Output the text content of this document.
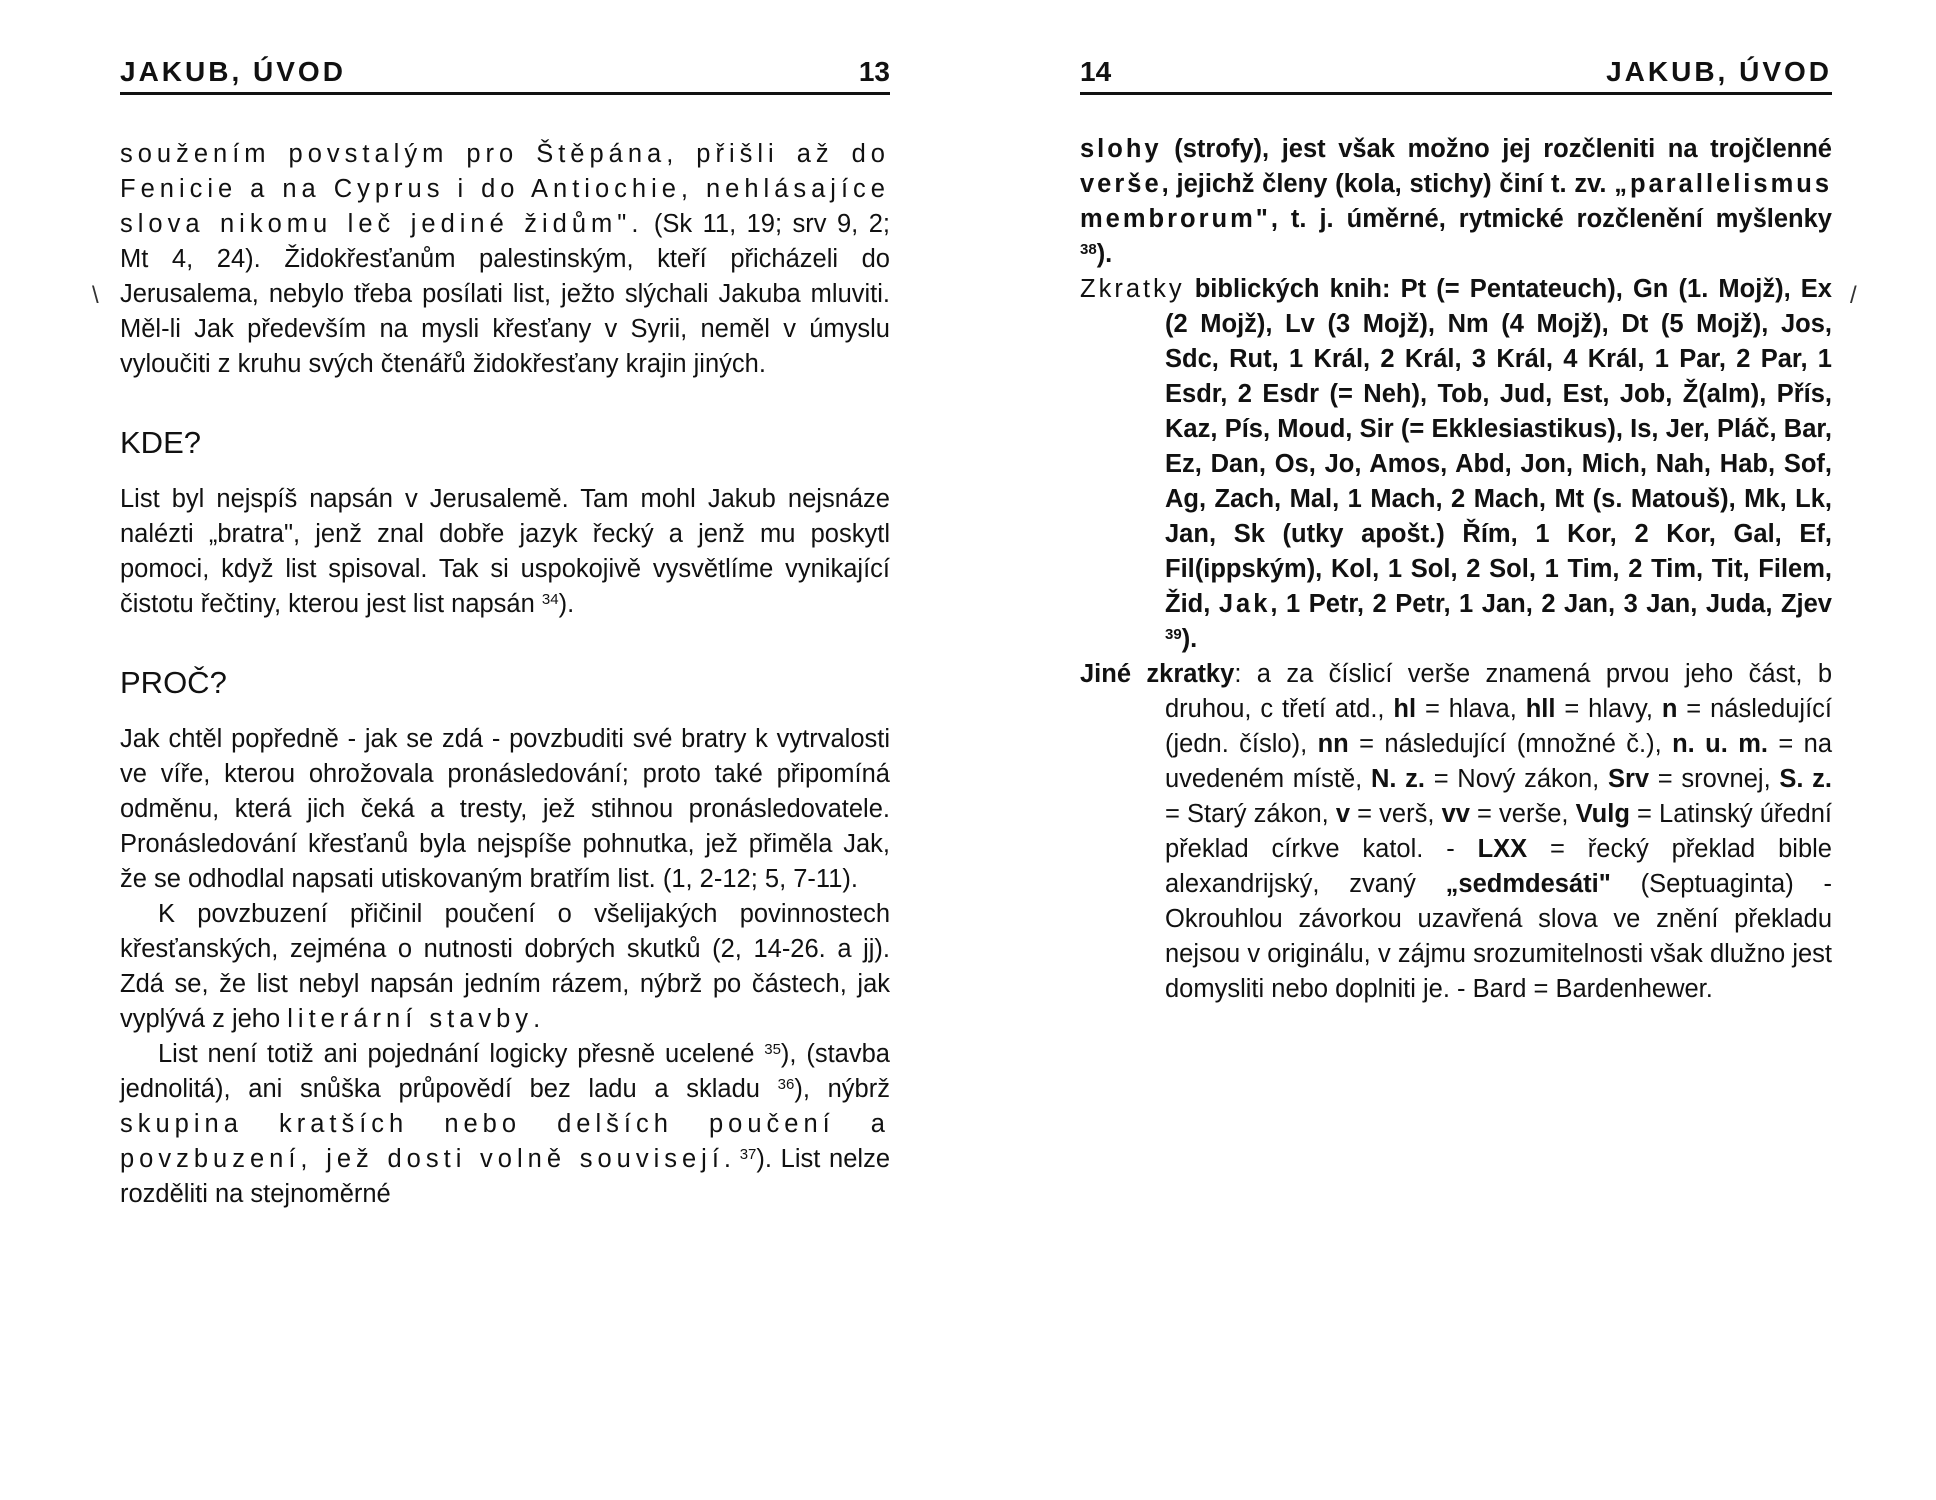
JAKUB, ÚVOD	13

soužením povstalým pro Štěpána, přišli až do Fenicie a na Cyprus i do Antiochie, nehlásajíce slova nikomu leč jediné židům". (Sk 11, 19; srv 9, 2; Mt 4, 24). Židokřesťanům palestinským, kteří přicházeli do Jerusalema, nebylo třeba posílati list, ježto slýchali Jakuba mluviti. Měl-li Jak především na mysli křesťany v Syrii, neměl v úmyslu vyloučiti z kruhu svých čtenářů židokřesťany krajin jiných.

KDE?

List byl nejspíš napsán v Jerusalemě. Tam mohl Jakub nejsnáze nalézti „bratra", jenž znal dobře jazyk řecký a jenž mu poskytl pomoci, když list spisoval. Tak si uspokojivě vysvětlíme vynikající čistotu řečtiny, kterou jest list napsán $^{34}$).

PROČ?

Jak chtěl popředně - jak se zdá - povzbuditi své bratry k vytrvalosti ve víře, kterou ohrožovala pronásledování; proto také připomíná odměnu, která jich čeká a tresty, jež stihnou pronásledovatele. Pronásledování křesťanů byla nejspíše pohnutka, jež přiměla Jak, že se odhodlal napsati utiskovaným bratřím list. (1, 2-12; 5, 7-11).

K povzbuzení přičinil poučení o všelijakých povinnostech křesťanských, zejména o nutnosti dobrých skutků (2, 14-26. a jj). Zdá se, že list nebyl napsán jedním rázem, nýbrž po částech, jak vyplývá z jeho literární stavby.

List není totiž ani pojednání logicky přesně ucelené $^{35}$), (stavba jednolitá), ani snůška průpovědí bez ladu a skladu $^{36}$), nýbrž skupina kratších nebo delších poučení a povzbuzení, jež dosti volně souvisejí. $^{37}$). List nelze rozděliti na stejnoměrné

\
14	JAKUB, ÚVOD

slohy (strofy), jest však možno jej rozčleniti na trojčlenné verše, jejichž členy (kola, stichy) činí t. zv. „parallelismus membrorum", t. j. úměrné, rytmické rozčlenění myšlenky $^{38}$).

Zkratky biblických knih: Pt (= Pentateuch), Gn (1. Mojž), Ex (2 Mojž), Lv (3 Mojž), Nm (4 Mojž), Dt (5 Mojž), Jos, Sdc, Rut, 1 Král, 2 Král, 3 Král, 4 Král, 1 Par, 2 Par, 1 Esdr, 2 Esdr (= Neh), Tob, Jud, Est, Job, Ž(alm), Přís, Kaz, Pís, Moud, Sir (= Ekklesiastikus), Is, Jer, Pláč, Bar, Ez, Dan, Os, Jo, Amos, Abd, Jon, Mich, Nah, Hab, Sof, Ag, Zach, Mal, 1 Mach, 2 Mach, Mt (s. Matouš), Mk, Lk, Jan, Sk (utky apošt.) Řím, 1 Kor, 2 Kor, Gal, Ef, Fil(ippským), Kol, 1 Sol, 2 Sol, 1 Tim, 2 Tim, Tit, Filem, Žid, Jak, 1 Petr, 2 Petr, 1 Jan, 2 Jan, 3 Jan, Juda, Zjev $^{39}$).

Jiné zkratky: a za číslicí verše znamená prvou jeho část, b druhou, c třetí atd., hl = hlava, hll = hlavy, n = následující (jedn. číslo), nn = následující (množné č.), n. u. m. = na uvedeném místě, N. z. = Nový zákon, Srv = srovnej, S. z. = Starý zákon, v = verš, vv = verše, Vulg = Latinský úřední překlad církve katol. - LXX = řecký překlad bible alexandrijský, zvaný „sedmdesáti" (Septuaginta) - Okrouhlou závorkou uzavřená slova ve znění překladu nejsou v originálu, v zájmu srozumitelnosti však dlužno jest domysliti nebo doplniti je. - Bard = Bardenhewer.

/
